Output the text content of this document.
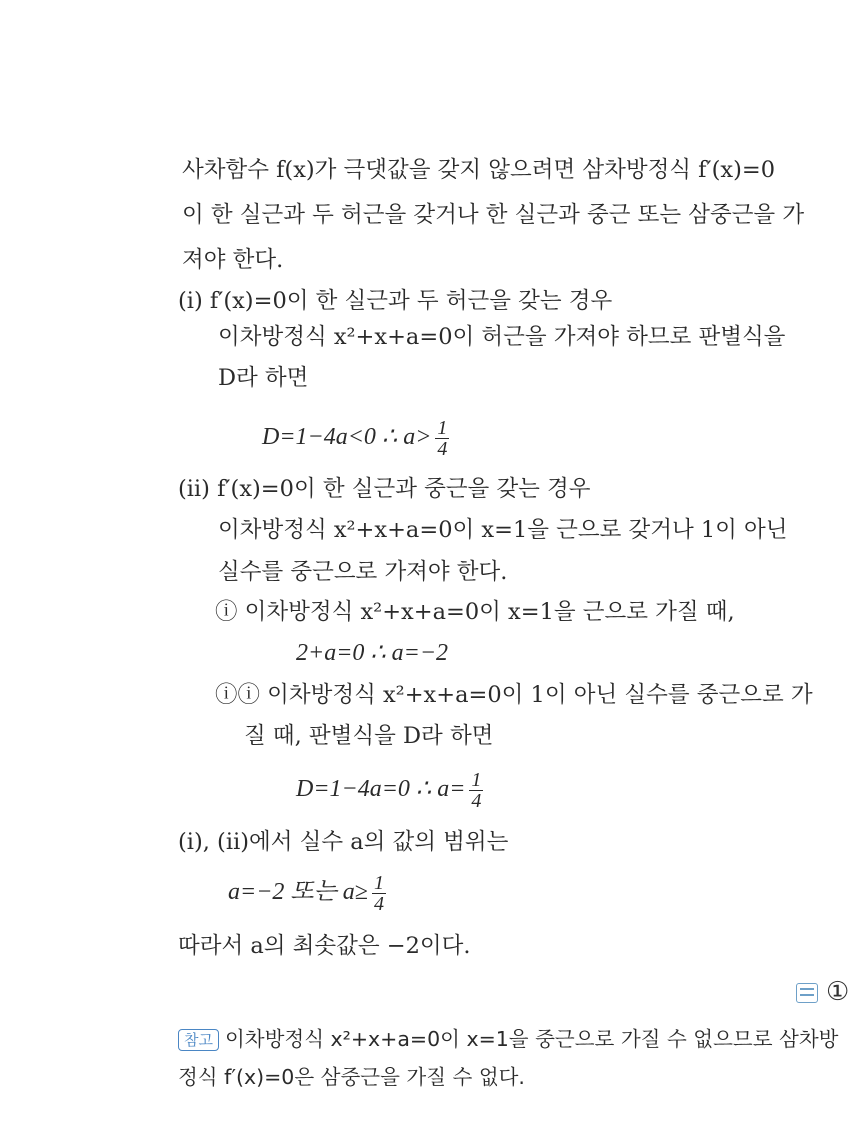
사차함수 f(x)가 극댓값을 갖지 않으려면 삼차방정식 f′(x)=0
이 한 실근과 두 허근을 갖거나 한 실근과 중근 또는 삼중근을 가
져야 한다.
(ⅰ) f′(x)=0이 한 실근과 두 허근을 갖는 경우
이차방정식 x²+x+a=0이 허근을 가져야 하므로 판별식을
D라 하면
D=1−4a<0 ∴ $a> \frac{1}{4}$
(ⅱ) f′(x)=0이 한 실근과 중근을 갖는 경우
이차방정식 x²+x+a=0이 x=1을 근으로 갖거나 1이 아닌
실수를 중근으로 가져야 한다.
ⓘ 이차방정식 x²+x+a=0이 x=1을 근으로 가질 때,
2+a=0 ∴ a=−2
ⓘⓘ 이차방정식 x²+x+a=0이 1이 아닌 실수를 중근으로 가
질 때, 판별식을 D라 하면
D=1−4a=0 ∴ $a= \frac{1}{4}$
(ⅰ), (ⅱ)에서 실수 a의 값의 범위는
a=−2 또는 $a\ge \frac{1}{4}$
따라서 a의 최솟값은 −2이다.
①
참고 이차방정식 x²+x+a=0이 x=1을 중근으로 가질 수 없으므로 삼차방
정식 f′(x)=0은 삼중근을 가질 수 없다.
